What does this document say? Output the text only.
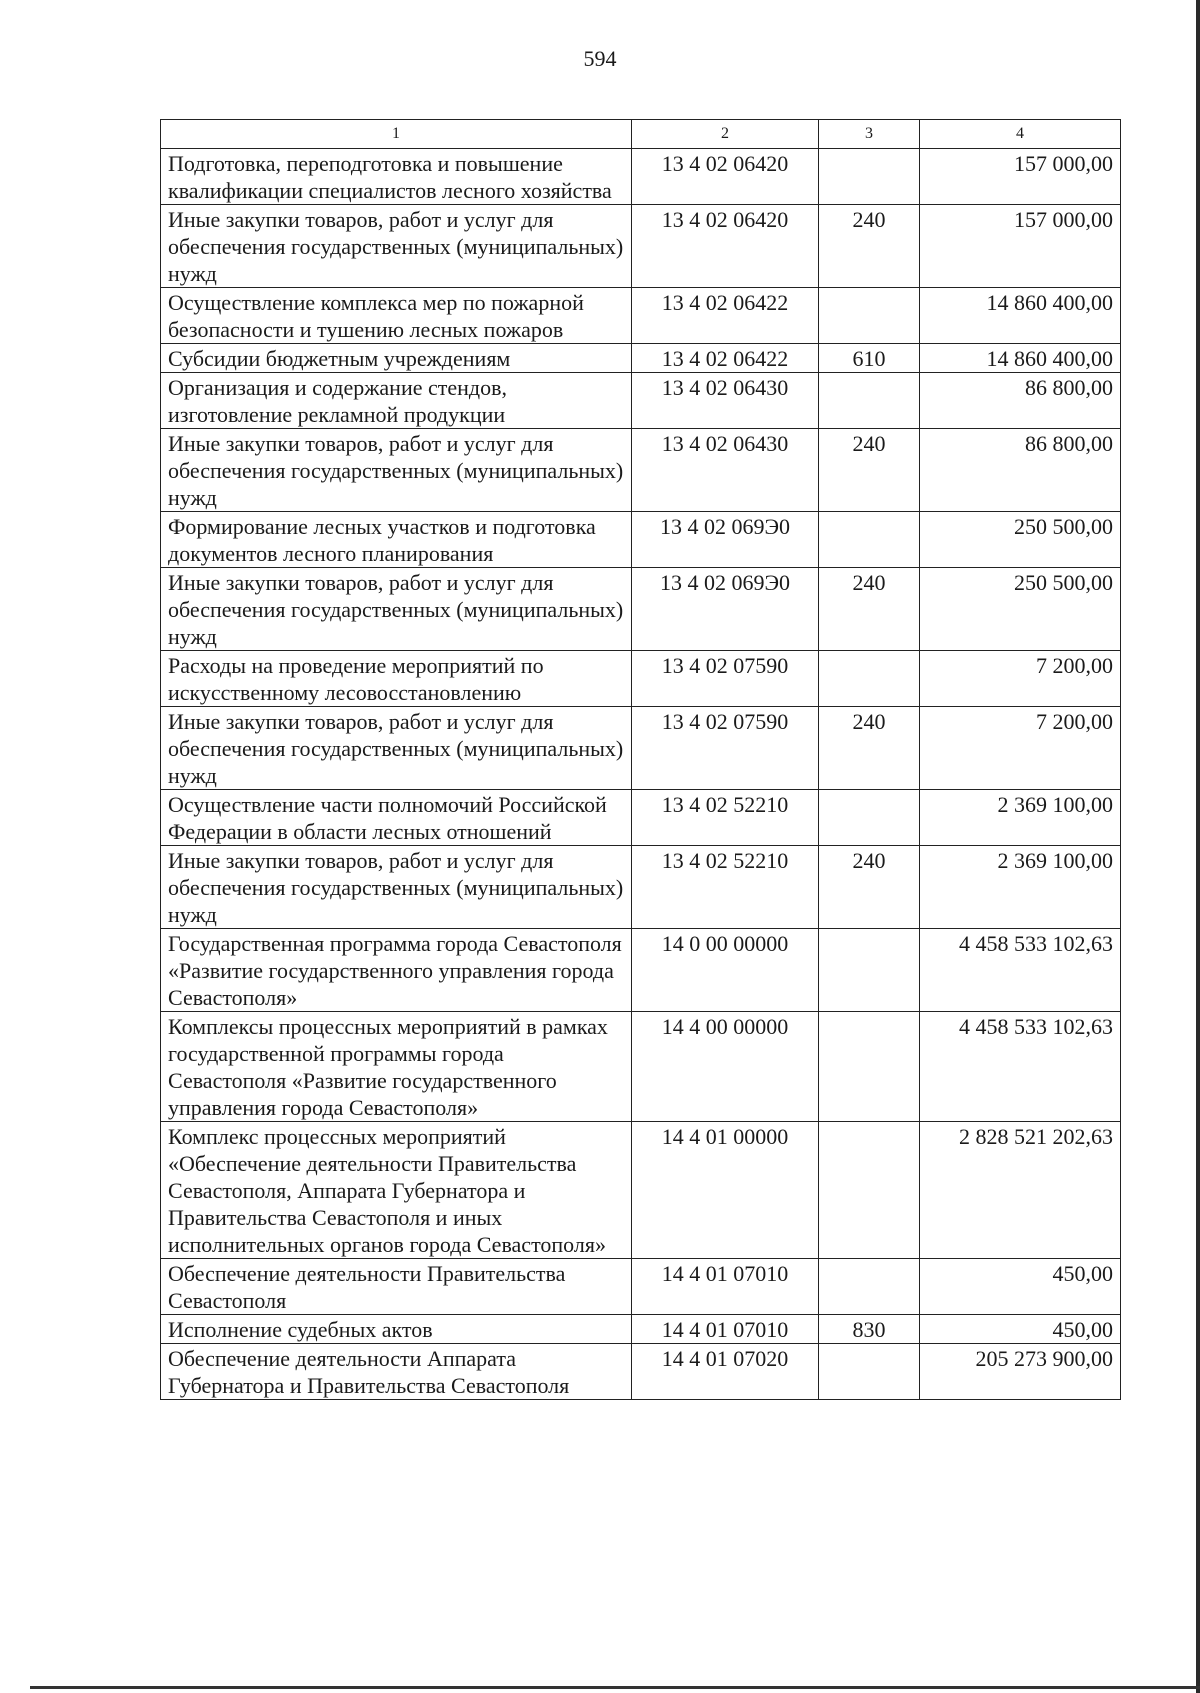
594
1	2	3	4
Подготовка, переподготовка и повышение квалификации специалистов лесного хозяйства	13 4 02 06420		157 000,00
Иные закупки товаров, работ и услуг для обеспечения государственных (муниципальных) нужд	13 4 02 06420	240	157 000,00
Осуществление комплекса мер по пожарной безопасности и тушению лесных пожаров	13 4 02 06422		14 860 400,00
Субсидии бюджетным учреждениям	13 4 02 06422	610	14 860 400,00
Организация и содержание стендов, изготовление рекламной продукции	13 4 02 06430		86 800,00
Иные закупки товаров, работ и услуг для обеспечения государственных (муниципальных) нужд	13 4 02 06430	240	86 800,00
Формирование лесных участков и подготовка документов лесного планирования	13 4 02 069Э0		250 500,00
Иные закупки товаров, работ и услуг для обеспечения государственных (муниципальных) нужд	13 4 02 069Э0	240	250 500,00
Расходы на проведение мероприятий по искусственному лесовосстановлению	13 4 02 07590		7 200,00
Иные закупки товаров, работ и услуг для обеспечения государственных (муниципальных) нужд	13 4 02 07590	240	7 200,00
Осуществление части полномочий Российской Федерации в области лесных отношений	13 4 02 52210		2 369 100,00
Иные закупки товаров, работ и услуг для обеспечения государственных (муниципальных) нужд	13 4 02 52210	240	2 369 100,00
Государственная программа города Севастополя «Развитие государственного управления города Севастополя»	14 0 00 00000		4 458 533 102,63
Комплексы процессных мероприятий в рамках государственной программы города Севастополя «Развитие государственного управления города Севастополя»	14 4 00 00000		4 458 533 102,63
Комплекс процессных мероприятий «Обеспечение деятельности Правительства Севастополя, Аппарата Губернатора и Правительства Севастополя и иных исполнительных органов города Севастополя»	14 4 01 00000		2 828 521 202,63
Обеспечение деятельности Правительства Севастополя	14 4 01 07010		450,00
Исполнение судебных актов	14 4 01 07010	830	450,00
Обеспечение деятельности Аппарата Губернатора и Правительства Севастополя	14 4 01 07020		205 273 900,00
